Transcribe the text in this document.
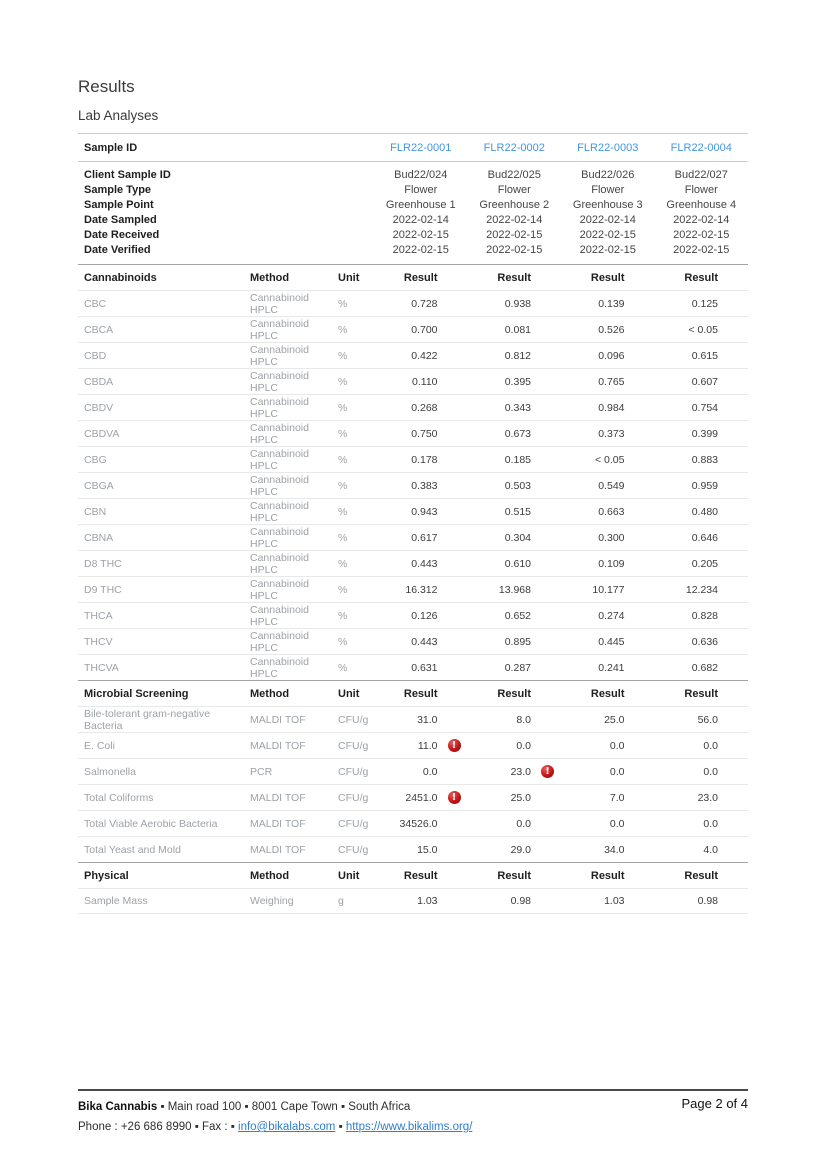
Results
Lab Analyses
Sample ID	FLR22-0001	FLR22-0002	FLR22-0003	FLR22-0004
Client Sample ID	Bud22/024	Bud22/025	Bud22/026	Bud22/027
Sample Type	Flower	Flower	Flower	Flower
Sample Point	Greenhouse 1	Greenhouse 2	Greenhouse 3	Greenhouse 4
Date Sampled	2022-02-14	2022-02-14	2022-02-14	2022-02-14
Date Received	2022-02-15	2022-02-15	2022-02-15	2022-02-15
Date Verified	2022-02-15	2022-02-15	2022-02-15	2022-02-15
Cannabinoids	Method	Unit	Result	Result	Result	Result
CBC	Cannabinoid HPLC	%	0.728	0.938	0.139	0.125
CBCA	Cannabinoid HPLC	%	0.700	0.081	0.526	< 0.05
CBD	Cannabinoid HPLC	%	0.422	0.812	0.096	0.615
CBDA	Cannabinoid HPLC	%	0.110	0.395	0.765	0.607
CBDV	Cannabinoid HPLC	%	0.268	0.343	0.984	0.754
CBDVA	Cannabinoid HPLC	%	0.750	0.673	0.373	0.399
CBG	Cannabinoid HPLC	%	0.178	0.185	< 0.05	0.883
CBGA	Cannabinoid HPLC	%	0.383	0.503	0.549	0.959
CBN	Cannabinoid HPLC	%	0.943	0.515	0.663	0.480
CBNA	Cannabinoid HPLC	%	0.617	0.304	0.300	0.646
D8 THC	Cannabinoid HPLC	%	0.443	0.610	0.109	0.205
D9 THC	Cannabinoid HPLC	%	16.312	13.968	10.177	12.234
THCA	Cannabinoid HPLC	%	0.126	0.652	0.274	0.828
THCV	Cannabinoid HPLC	%	0.443	0.895	0.445	0.636
THCVA	Cannabinoid HPLC	%	0.631	0.287	0.241	0.682
Microbial Screening	Method	Unit	Result	Result	Result	Result
Bile-tolerant gram-negative Bacteria	MALDI TOF	CFU/g	31.0	8.0	25.0	56.0
E. Coli	MALDI TOF	CFU/g	11.0	!	0.0	0.0	0.0
Salmonella	PCR	CFU/g	0.0	23.0	!	0.0	0.0
Total Coliforms	MALDI TOF	CFU/g	2451.0	!	25.0	7.0	23.0
Total Viable Aerobic Bacteria	MALDI TOF	CFU/g	34526.0	0.0	0.0	0.0
Total Yeast and Mold	MALDI TOF	CFU/g	15.0	29.0	34.0	4.0
Physical	Method	Unit	Result	Result	Result	Result
Sample Mass	Weighing	g	1.03	0.98	1.03	0.98
Page 2 of 4
Bika Cannabis ▪ Main road 100 ▪ 8001 Cape Town ▪ South Africa
Phone : +26 686 8990 ▪ Fax : ▪ info@bikalabs.com ▪ https://www.bikalims.org/
